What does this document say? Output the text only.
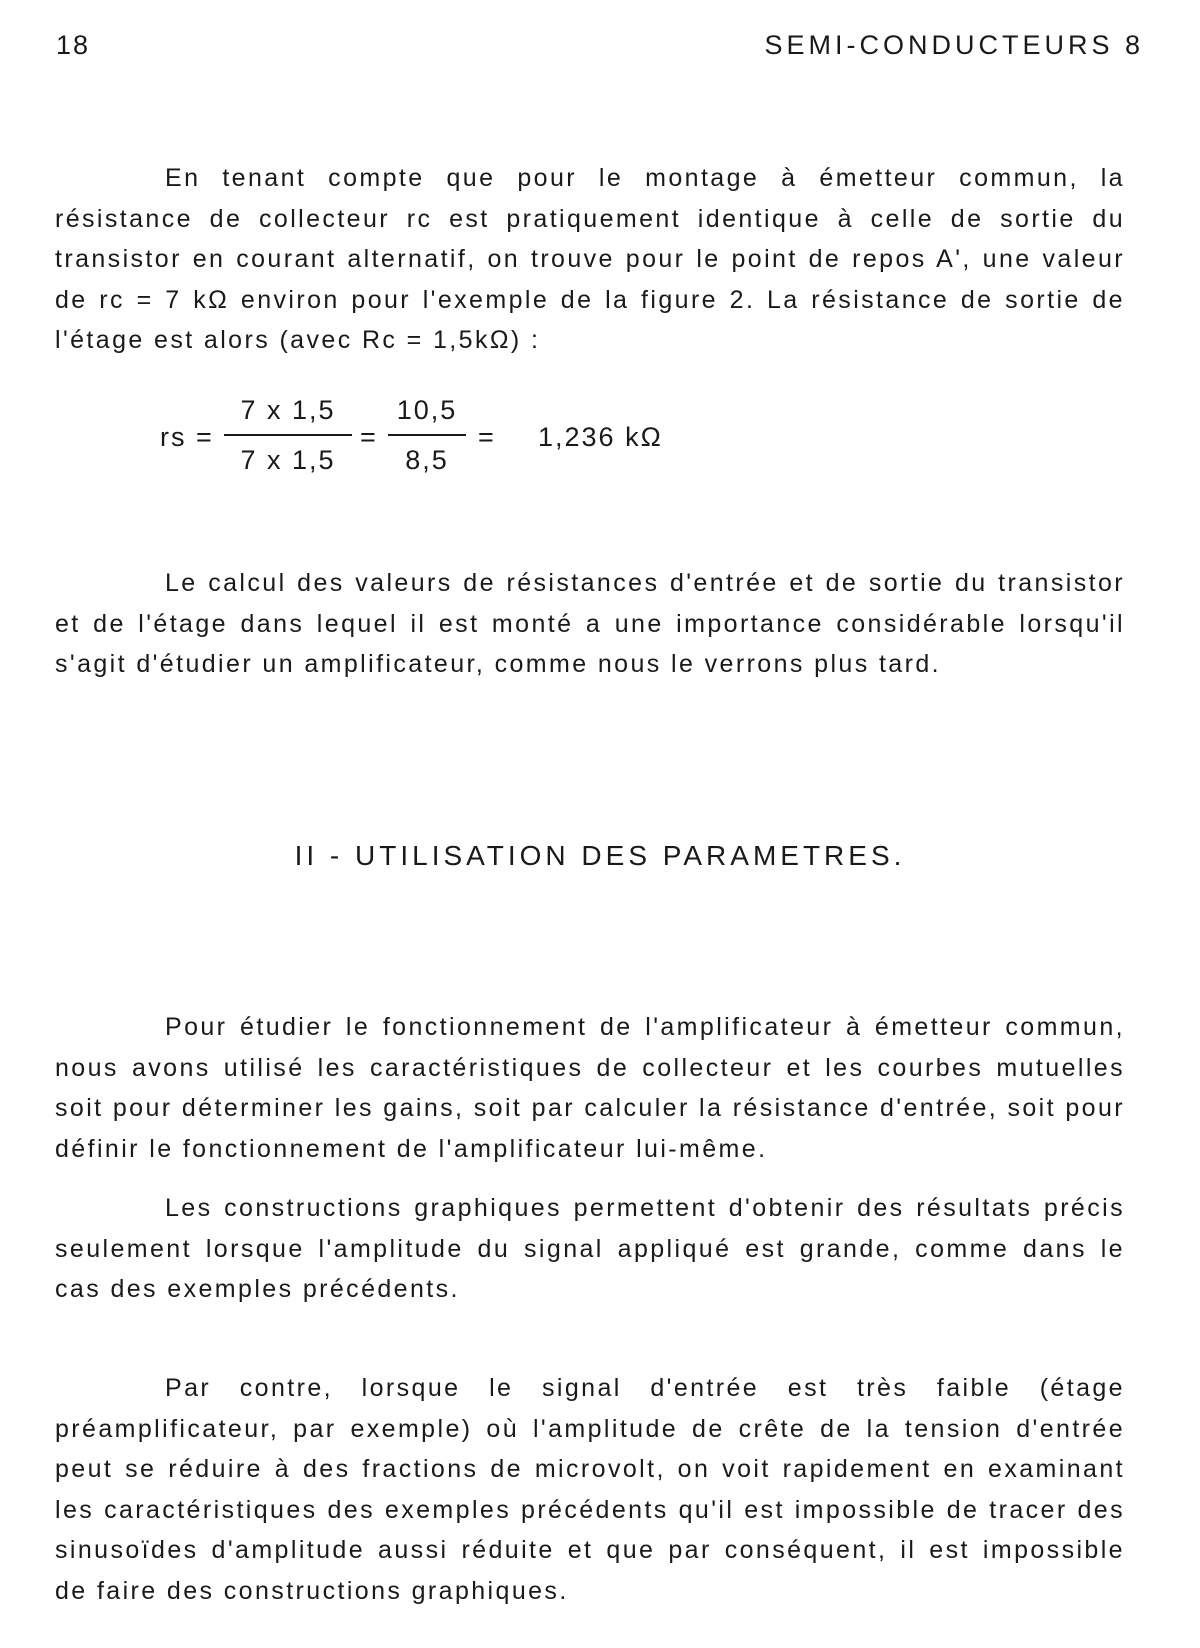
18	SEMI-CONDUCTEURS 8

En tenant compte que pour le montage à émetteur commun, la résistance de collecteur rc est pratiquement identique à celle de sortie du transistor en courant alternatif, on trouve pour le point de repos A', une valeur de rc = 7 kΩ environ pour l'exemple de la figure 2. La résistance de sortie de l'étage est alors (avec Rc = 1,5kΩ) :

rs =
7 x 1,5
7 x 1,5
=
10,5
8,5
= 1,236 kΩ

Le calcul des valeurs de résistances d'entrée et de sortie du transistor et de l'étage dans lequel il est monté a une importance considérable lorsqu'il s'agit d'étudier un amplificateur, comme nous le verrons plus tard.

II - UTILISATION DES PARAMETRES.

Pour étudier le fonctionnement de l'amplificateur à émetteur commun, nous avons utilisé les caractéristiques de collecteur et les courbes mutuelles soit pour déterminer les gains, soit par calculer la résistance d'entrée, soit pour définir le fonctionnement de l'amplificateur lui-même.

Les constructions graphiques permettent d'obtenir des résultats précis seulement lorsque l'amplitude du signal appliqué est grande, comme dans le cas des exemples précédents.

Par contre, lorsque le signal d'entrée est très faible (étage préamplificateur, par exemple) où l'amplitude de crête de la tension d'entrée peut se réduire à des fractions de microvolt, on voit rapidement en examinant les caractéristiques des exemples précédents qu'il est impossible de tracer des sinusoïdes d'amplitude aussi réduite et que par conséquent, il est impossible de faire des constructions graphiques.
